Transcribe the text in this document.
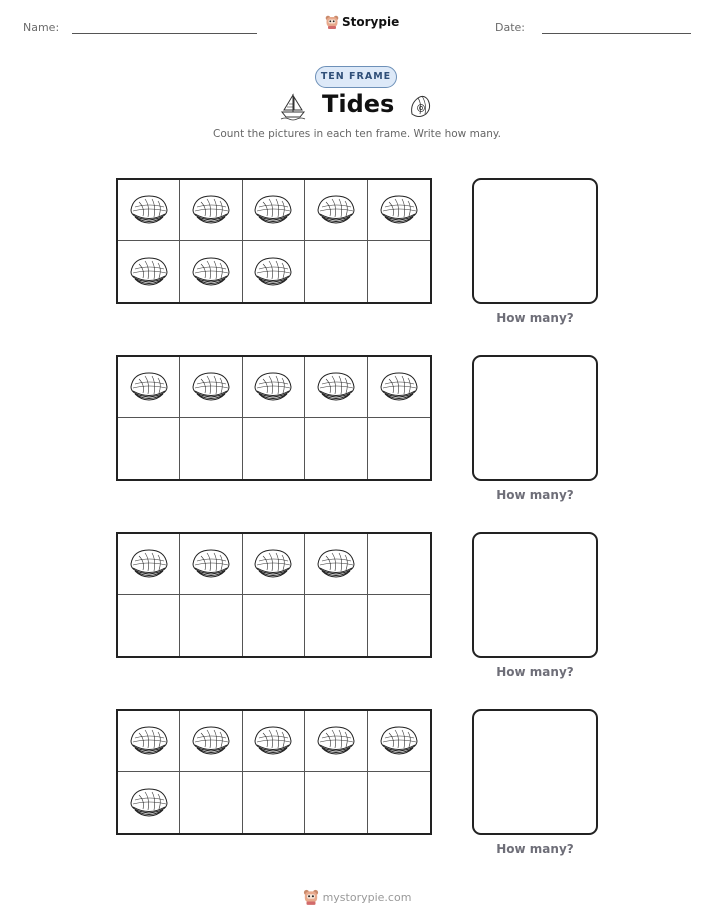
Name:	Storypie	Date:
TEN FRAME
Tides
Count the pictures in each ten frame. Write how many.
How many?
How many?
How many?
How many?
mystorypie.com
